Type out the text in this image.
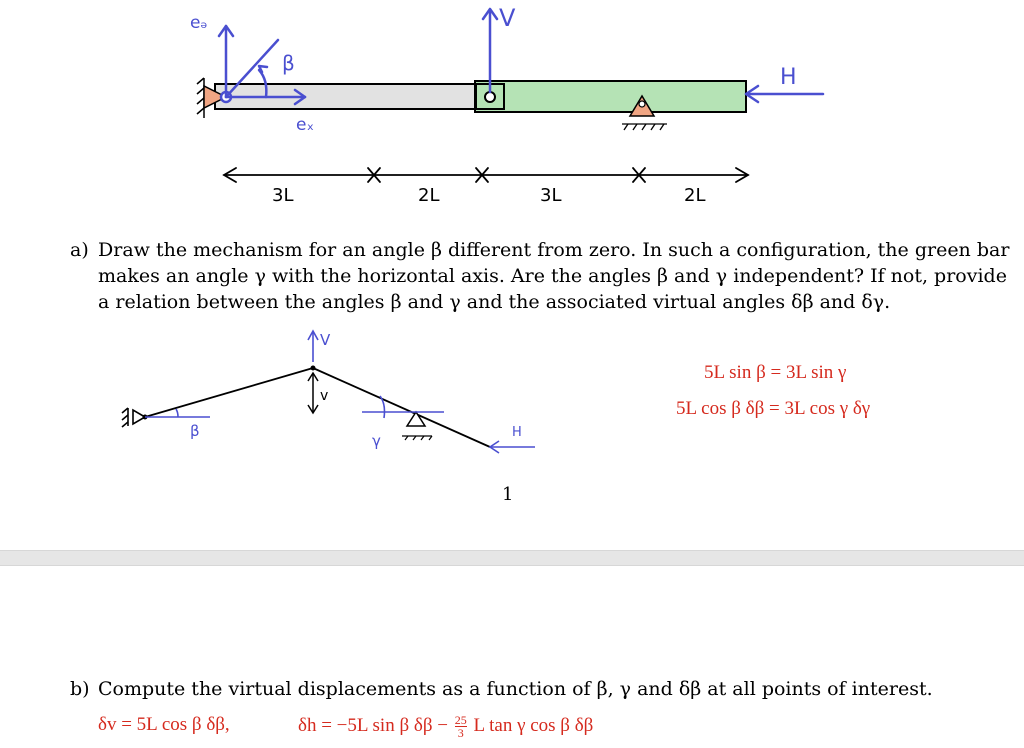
eₔ
eₓ
β
V
H
3L	2L	3L	2L
a) Draw the mechanism for an angle β different from zero. In such a configuration, the green bar
makes an angle γ with the horizontal axis. Are the angles β and γ independent? If not, provide
a relation between the angles β and γ and the associated virtual angles δβ and δγ.
V
v
β
γ	H
5L sin β = 3L sin γ
5L cos β δβ = 3L cos γ δγ
1
b) Compute the virtual displacements as a function of β, γ and δβ at all points of interest.
δv = 5L cos β δβ,	δh = −5L sin β $\delta\beta - \frac{25}{3}$ L tan γ cos β δβ
